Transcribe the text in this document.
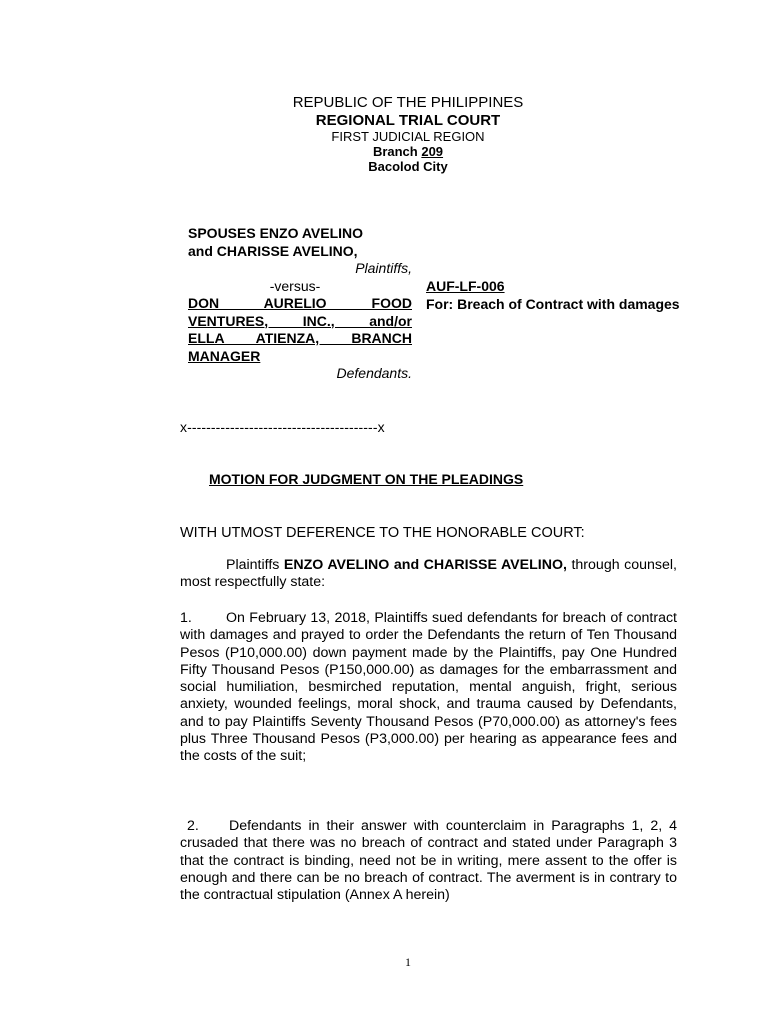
REPUBLIC OF THE PHILIPPINES
REGIONAL TRIAL COURT
FIRST JUDICIAL REGION
Branch 209
Bacolod City
SPOUSES ENZO AVELINO
and CHARISSE AVELINO,
Plaintiffs,
-versus-
DON AURELIO FOOD
VENTURES, INC., and/or
ELLA ATIENZA, BRANCH
MANAGER
Defendants.
AUF-LF-006
For: Breach of Contract with damages
x----------------------------------------x
MOTION FOR JUDGMENT ON THE PLEADINGS
WITH UTMOST DEFERENCE TO THE HONORABLE COURT:
Plaintiffs ENZO AVELINO and CHARISSE AVELINO, through counsel, most respectfully state:
1. On February 13, 2018, Plaintiffs sued defendants for breach of contract with damages and prayed to order the Defendants the return of Ten Thousand Pesos (P10,000.00) down payment made by the Plaintiffs, pay One Hundred Fifty Thousand Pesos (P150,000.00) as damages for the embarrassment and social humiliation, besmirched reputation, mental anguish, fright, serious anxiety, wounded feelings, moral shock, and trauma caused by Defendants, and to pay Plaintiffs Seventy Thousand Pesos (P70,000.00) as attorney's fees plus Three Thousand Pesos (P3,000.00) per hearing as appearance fees and the costs of the suit;
2. Defendants in their answer with counterclaim in Paragraphs 1, 2, 4 crusaded that there was no breach of contract and stated under Paragraph 3 that the contract is binding, need not be in writing, mere assent to the offer is enough and there can be no breach of contract. The averment is in contrary to the contractual stipulation (Annex A herein)
1
